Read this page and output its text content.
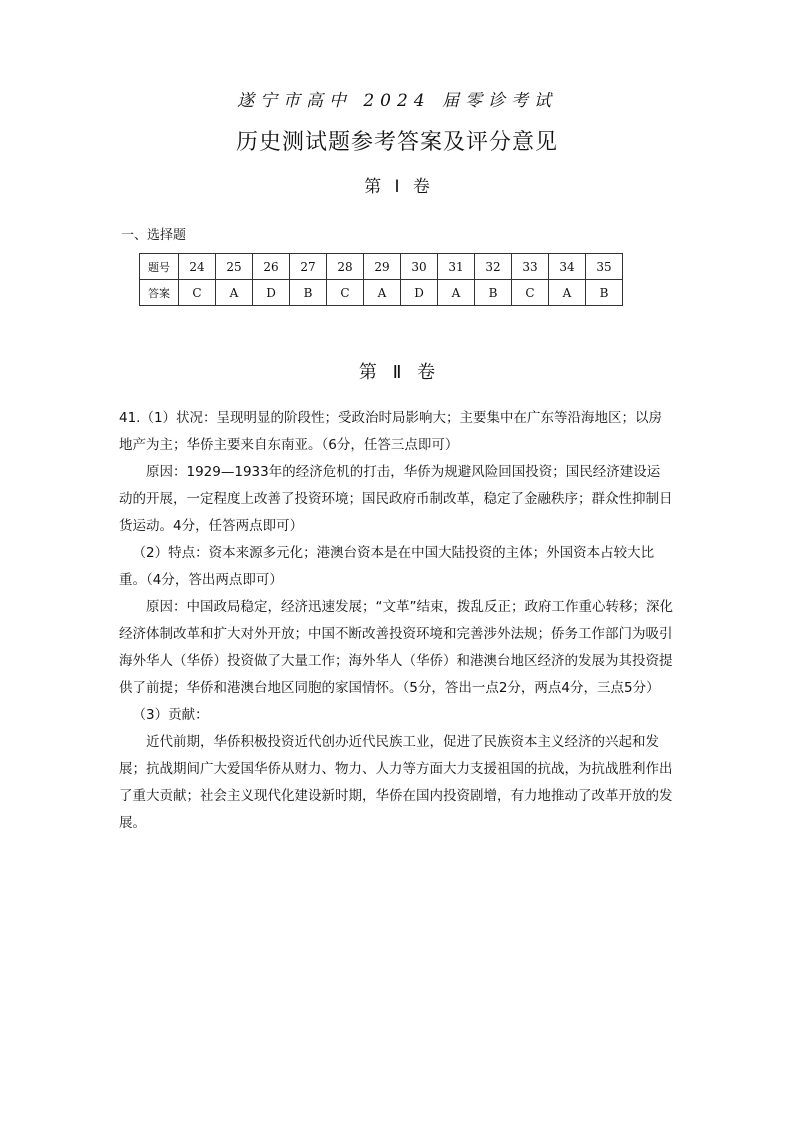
遂宁市高中 2024 届零诊考试
历史测试题参考答案及评分意见
第 Ⅰ 卷
一、选择题
题号	24	25	26	27	28	29	30	31	32	33	34	35
答案	C	A	D	B	C	A	D	A	B	C	A	B
第 Ⅱ 卷

41.（1）状况：呈现明显的阶段性；受政治时局影响大；主要集中在广东等沿海地区；以房地产为主；华侨主要来自东南亚。（6分，任答三点即可）

原因：1929—1933年的经济危机的打击，华侨为规避风险回国投资；国民经济建设运动的开展，一定程度上改善了投资环境；国民政府币制改革，稳定了金融秩序；群众性抑制日货运动。4分，任答两点即可）

（2）特点：资本来源多元化；港澳台资本是在中国大陆投资的主体；外国资本占较大比重。（4分，答出两点即可）

原因：中国政局稳定，经济迅速发展；“文革”结束，拨乱反正；政府工作重心转移；深化经济体制改革和扩大对外开放；中国不断改善投资环境和完善涉外法规；侨务工作部门为吸引海外华人（华侨）投资做了大量工作；海外华人（华侨）和港澳台地区经济的发展为其投资提供了前提；华侨和港澳台地区同胞的家国情怀。（5分，答出一点2分，两点4分，三点5分）

（3）贡献：

近代前期，华侨积极投资近代创办近代民族工业，促进了民族资本主义经济的兴起和发展；抗战期间广大爱国华侨从财力、物力、人力等方面大力支援祖国的抗战，为抗战胜利作出了重大贡献；社会主义现代化建设新时期，华侨在国内投资剧增，有力地推动了改革开放的发展。
